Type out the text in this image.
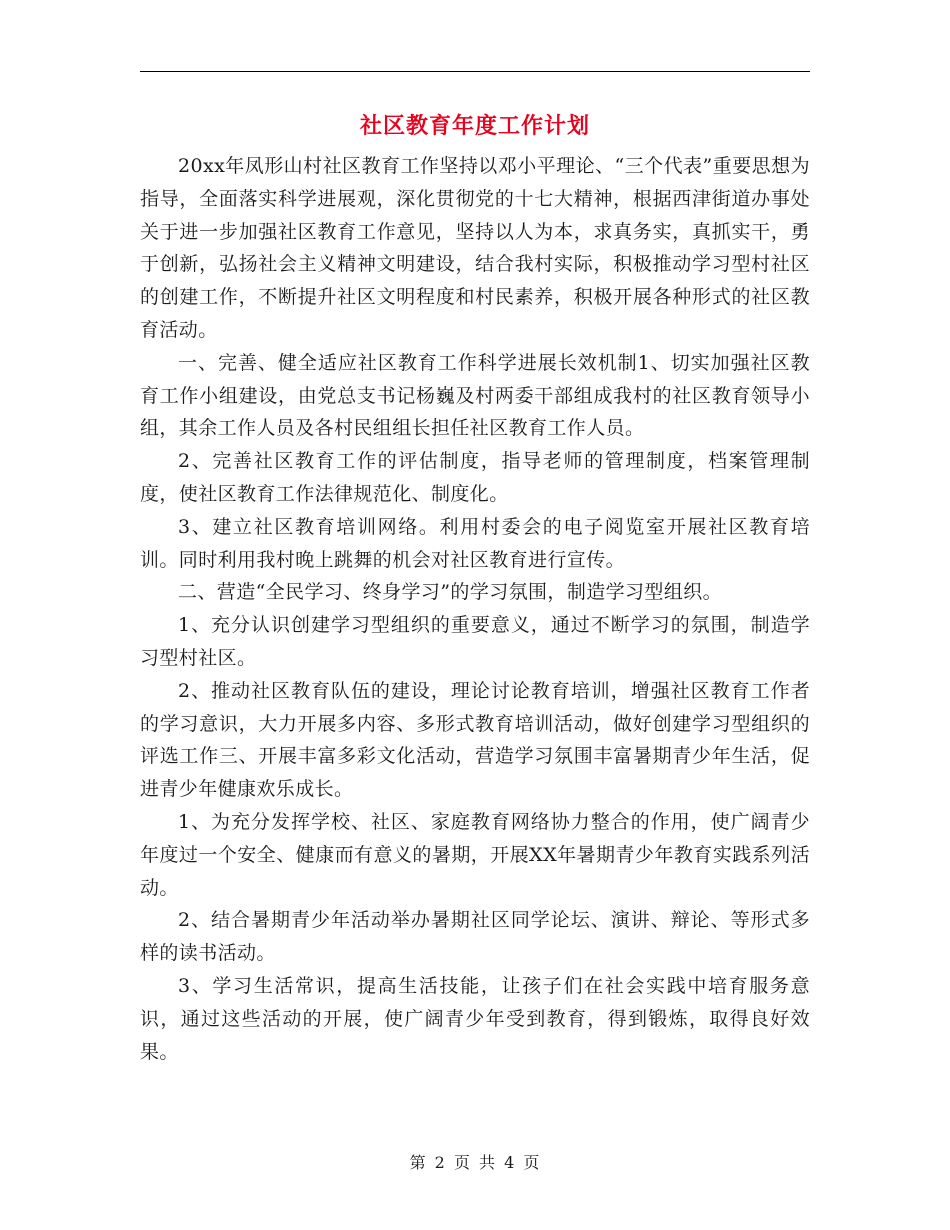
社区教育年度工作计划

20xx年凤形山村社区教育工作坚持以邓小平理论、“三个代表”重要思想为指导，全面落实科学进展观，深化贯彻党的十七大精神，根据西津街道办事处关于进一步加强社区教育工作意见，坚持以人为本，求真务实，真抓实干，勇于创新，弘扬社会主义精神文明建设，结合我村实际，积极推动学习型村社区的创建工作，不断提升社区文明程度和村民素养，积极开展各种形式的社区教育活动。

一、完善、健全适应社区教育工作科学进展长效机制1、切实加强社区教育工作小组建设，由党总支书记杨巍及村两委干部组成我村的社区教育领导小组，其余工作人员及各村民组组长担任社区教育工作人员。

2、完善社区教育工作的评估制度，指导老师的管理制度，档案管理制度，使社区教育工作法律规范化、制度化。

3、建立社区教育培训网络。利用村委会的电子阅览室开展社区教育培训。同时利用我村晚上跳舞的机会对社区教育进行宣传。

二、营造“全民学习、终身学习”的学习氛围，制造学习型组织。

1、充分认识创建学习型组织的重要意义，通过不断学习的氛围，制造学习型村社区。

2、推动社区教育队伍的建设，理论讨论教育培训，增强社区教育工作者的学习意识，大力开展多内容、多形式教育培训活动，做好创建学习型组织的评选工作三、开展丰富多彩文化活动，营造学习氛围丰富暑期青少年生活，促进青少年健康欢乐成长。

1、为充分发挥学校、社区、家庭教育网络协力整合的作用，使广阔青少年度过一个安全、健康而有意义的暑期，开展XX年暑期青少年教育实践系列活动。

2、结合暑期青少年活动举办暑期社区同学论坛、演讲、辩论、等形式多样的读书活动。

3、学习生活常识，提高生活技能，让孩子们在社会实践中培育服务意识，通过这些活动的开展，使广阔青少年受到教育，得到锻炼，取得良好效果。

第 2 页 共 4 页
